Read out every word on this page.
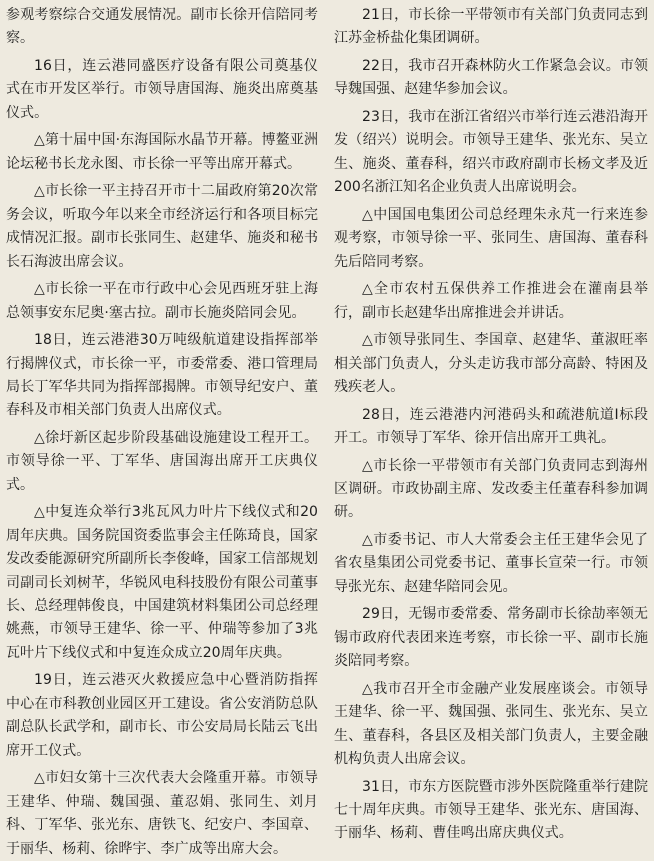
参观考察综合交通发展情况。副市长徐开信陪同考察。

16日，连云港同盛医疗设备有限公司奠基仪式在市开发区举行。市领导唐国海、施炎出席奠基仪式。

△第十届中国·东海国际水晶节开幕。博鳌亚洲论坛秘书长龙永图、市长徐一平等出席开幕式。

△市长徐一平主持召开市十二届政府第20次常务会议，听取今年以来全市经济运行和各项目标完成情况汇报。副市长张同生、赵建华、施炎和秘书长石海波出席会议。

△市长徐一平在市行政中心会见西班牙驻上海总领事安东尼奥·塞古拉。副市长施炎陪同会见。

18日，连云港港30万吨级航道建设指挥部举行揭牌仪式，市长徐一平，市委常委、港口管理局局长丁军华共同为指挥部揭牌。市领导纪安户、董春科及市相关部门负责人出席仪式。

△徐圩新区起步阶段基础设施建设工程开工。市领导徐一平、丁军华、唐国海出席开工庆典仪式。

△中复连众举行3兆瓦风力叶片下线仪式和20周年庆典。国务院国资委监事会主任陈琦良，国家发改委能源研究所副所长李俊峰，国家工信部规划司副司长刘树芊，华锐风电科技股份有限公司董事长、总经理韩俊良，中国建筑材料集团公司总经理姚燕，市领导王建华、徐一平、仲瑞等参加了3兆瓦叶片下线仪式和中复连众成立20周年庆典。

19日，连云港灭火救援应急中心暨消防指挥中心在市科教创业园区开工建设。省公安消防总队副总队长武学和，副市长、市公安局局长陆云飞出席开工仪式。

△市妇女第十三次代表大会隆重开幕。市领导王建华、仲瑞、魏国强、董忍娟、张同生、刘月科、丁军华、张光东、唐铁飞、纪安户、李国章、于丽华、杨莉、徐晔宇、李广成等出席大会。

21日，市长徐一平带领市有关部门负责同志到江苏金桥盐化集团调研。

22日，我市召开森林防火工作紧急会议。市领导魏国强、赵建华参加会议。

23日，我市在浙江省绍兴市举行连云港沿海开发（绍兴）说明会。市领导王建华、张光东、吴立生、施炎、董春科，绍兴市政府副市长杨文孝及近200名浙江知名企业负责人出席说明会。

△中国国电集团公司总经理朱永芃一行来连参观考察，市领导徐一平、张同生、唐国海、董春科先后陪同考察。

△全市农村五保供养工作推进会在灌南县举行，副市长赵建华出席推进会并讲话。

△市领导张同生、李国章、赵建华、董淑旺率相关部门负责人，分头走访我市部分高龄、特困及残疾老人。

28日，连云港港内河港码头和疏港航道I标段开工。市领导丁军华、徐开信出席开工典礼。

△市长徐一平带领市有关部门负责同志到海州区调研。市政协副主席、发改委主任董春科参加调研。

△市委书记、市人大常委会主任王建华会见了省农垦集团公司党委书记、董事长宣荣一行。市领导张光东、赵建华陪同会见。

29日，无锡市委常委、常务副市长徐劼率领无锡市政府代表团来连考察，市长徐一平、副市长施炎陪同考察。

△我市召开全市金融产业发展座谈会。市领导王建华、徐一平、魏国强、张同生、张光东、吴立生、董春科，各县区及相关部门负责人，主要金融机构负责人出席会议。

31日，市东方医院暨市涉外医院隆重举行建院七十周年庆典。市领导王建华、张光东、唐国海、于丽华、杨莉、曹佳鸣出席庆典仪式。
